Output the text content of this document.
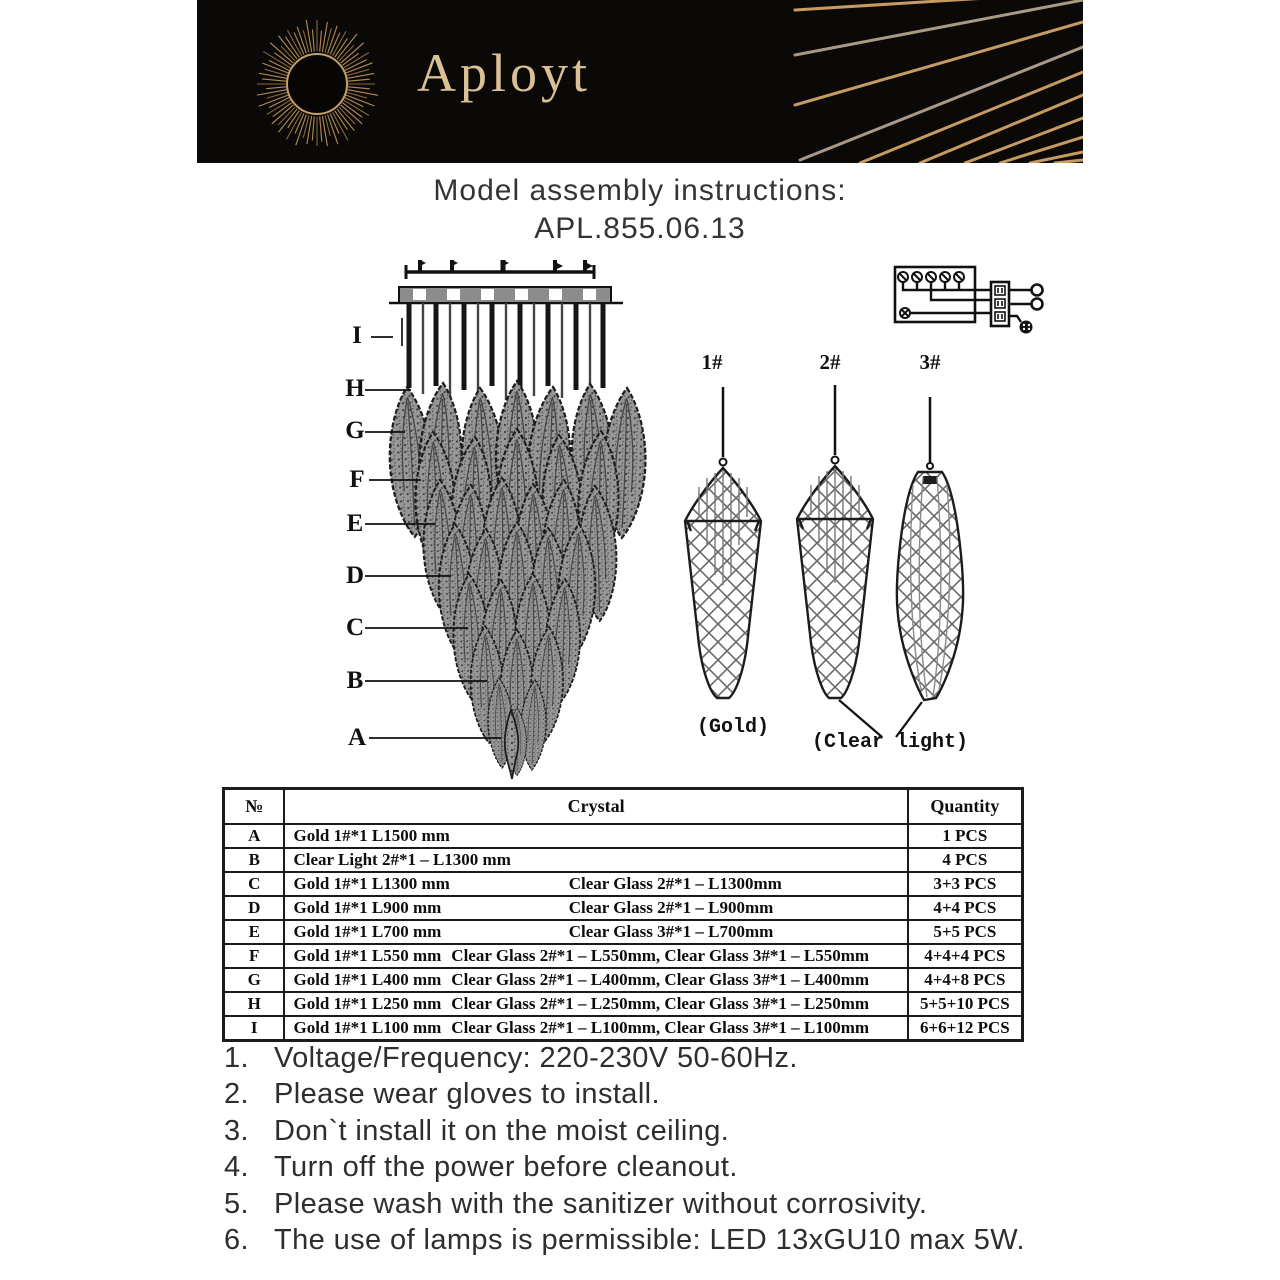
Aployt
Model assembly instructions:
APL.855.06.13
I
H
G
F
E
D
C
B
A
1#	2#	3#
(Gold)
(Clear light)
№	Crystal	Quantity
A	Gold 1#*1 L1500 mm	1 PCS
B	Clear Light 2#*1 – L1300 mm	4 PCS
C	Gold 1#*1 L1300 mm Clear Glass 2#*1 – L1300mm	3+3 PCS
D	Gold 1#*1 L900 mm Clear Glass 2#*1 – L900mm	4+4 PCS
E	Gold 1#*1 L700 mm Clear Glass 3#*1 – L700mm	5+5 PCS
F	Gold 1#*1 L550 mm Clear Glass 2#*1 – L550mm, Clear Glass 3#*1 – L550mm	4+4+4 PCS
G	Gold 1#*1 L400 mm Clear Glass 2#*1 – L400mm, Clear Glass 3#*1 – L400mm	4+4+8 PCS
H	Gold 1#*1 L250 mm Clear Glass 2#*1 – L250mm, Clear Glass 3#*1 – L250mm	5+5+10 PCS
I	Gold 1#*1 L100 mm Clear Glass 2#*1 – L100mm, Clear Glass 3#*1 – L100mm	6+6+12 PCS
1. Voltage/Frequency: 220-230V 50-60Hz.
2. Please wear gloves to install.
3. Don`t install it on the moist ceiling.
4. Turn off the power before cleanout.
5. Please wash with the sanitizer without corrosivity.
6. The use of lamps is permissible: LED 13xGU10 max 5W.
